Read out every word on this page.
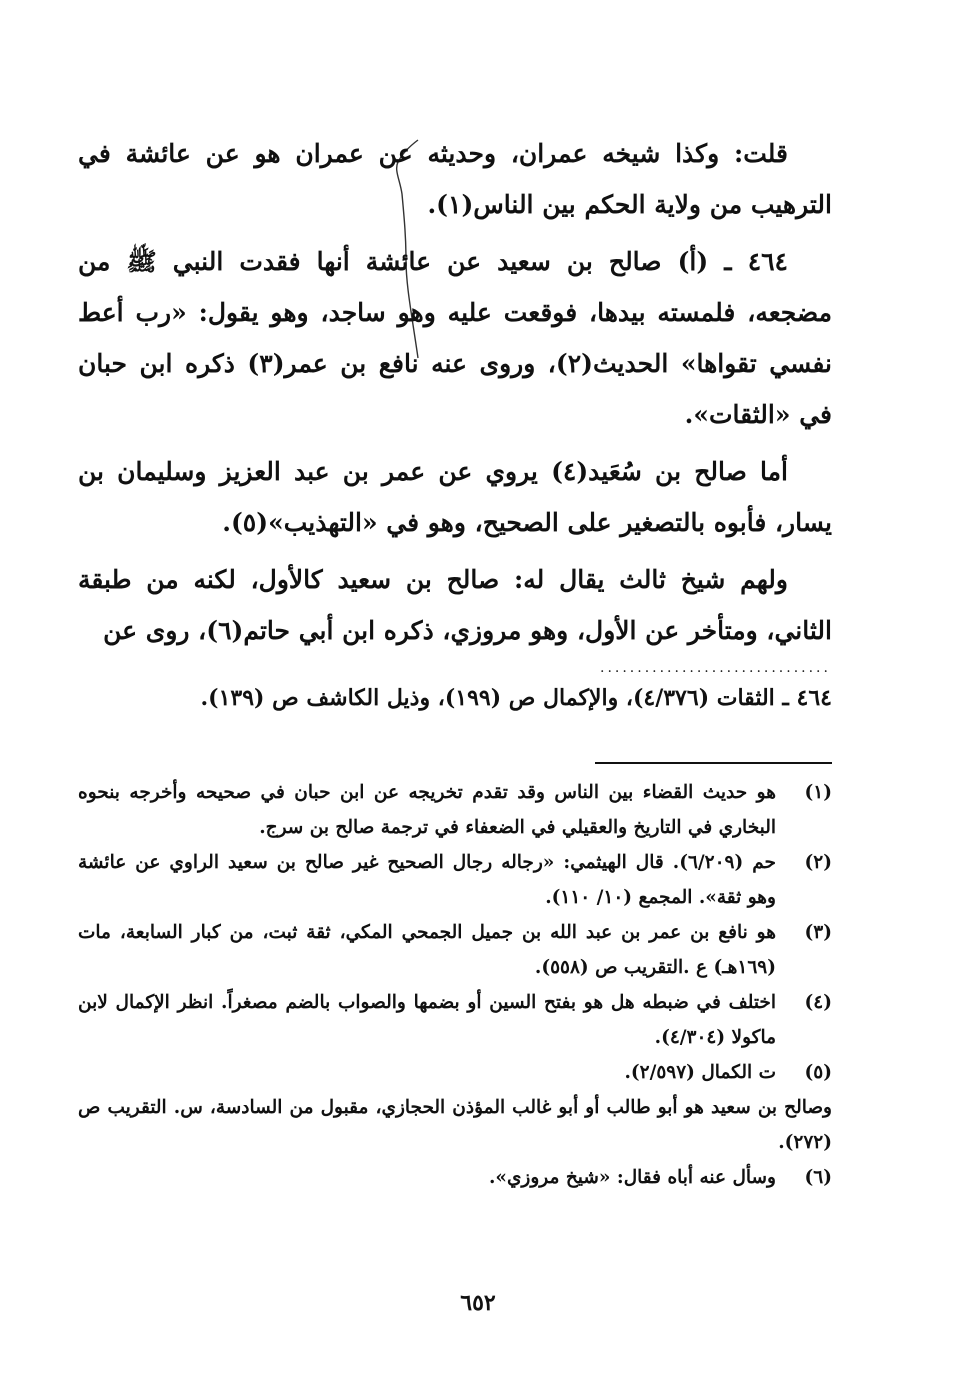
قلت: وكذا شيخه عمران، وحديثه عن عمران هو عن عائشة في الترهيب من ولاية الحكم بين الناس(١).

٤٦٤ ـ (أ) صالح بن سعيد عن عائشة أنها فقدت النبي ﷺ من مضجعه، فلمسته بيدها، فوقعت عليه وهو ساجد، وهو يقول: «رب أعط نفسي تقواها» الحديث(٢)، وروى عنه نافع بن عمر(٣) ذكره ابن حبان في «الثقات».

أما صالح بن سُعَيد(٤) يروي عن عمر بن عبد العزيز وسليمان بن يسار، فأبوه بالتصغير على الصحيح، وهو في «التهذيب»(٥).

ولهم شيخ ثالث يقال له: صالح بن سعيد كالأول، لكنه من طبقة الثاني، ومتأخر عن الأول، وهو مروزي، ذكره ابن أبي حاتم(٦)، روى عن

...............................
٤٦٤ ـ الثقات (٤/٣٧٦)، والإكمال ص (١٩٩)، وذيل الكاشف ص (١٣٩).
(١)
هو حديث القضاء بين الناس وقد تقدم تخريجه عن ابن حبان في صحيحه وأخرجه بنحوه البخاري في التاريخ والعقيلي في الضعفاء في ترجمة صالح بن سرج.
(٢)
حم (٦/٢٠٩). قال الهيثمي: «رجاله رجال الصحيح غير صالح بن سعيد الراوي عن عائشة وهو ثقة». المجمع (١٠/ ١١٠).
(٣)
هو نافع بن عمر بن عبد الله بن جميل الجمحي المكي، ثقة ثبت، من كبار السابعة، مات (١٦٩هـ) ع .التقريب ص (٥٥٨).
(٤)
اختلف في ضبطه هل هو بفتح السين أو بضمها والصواب بالضم مصغراً. انظر الإكمال لابن ماكولا (٤/٣٠٤).
(٥)
ت الكمال (٢/٥٩٧).
وصالح بن سعيد هو أبو طالب أو أبو غالب المؤذن الحجازي، مقبول من السادسة، س. التقريب ص (٢٧٢).
(٦)
وسأل عنه أباه فقال: «شيخ مروزي».
٦٥٢
